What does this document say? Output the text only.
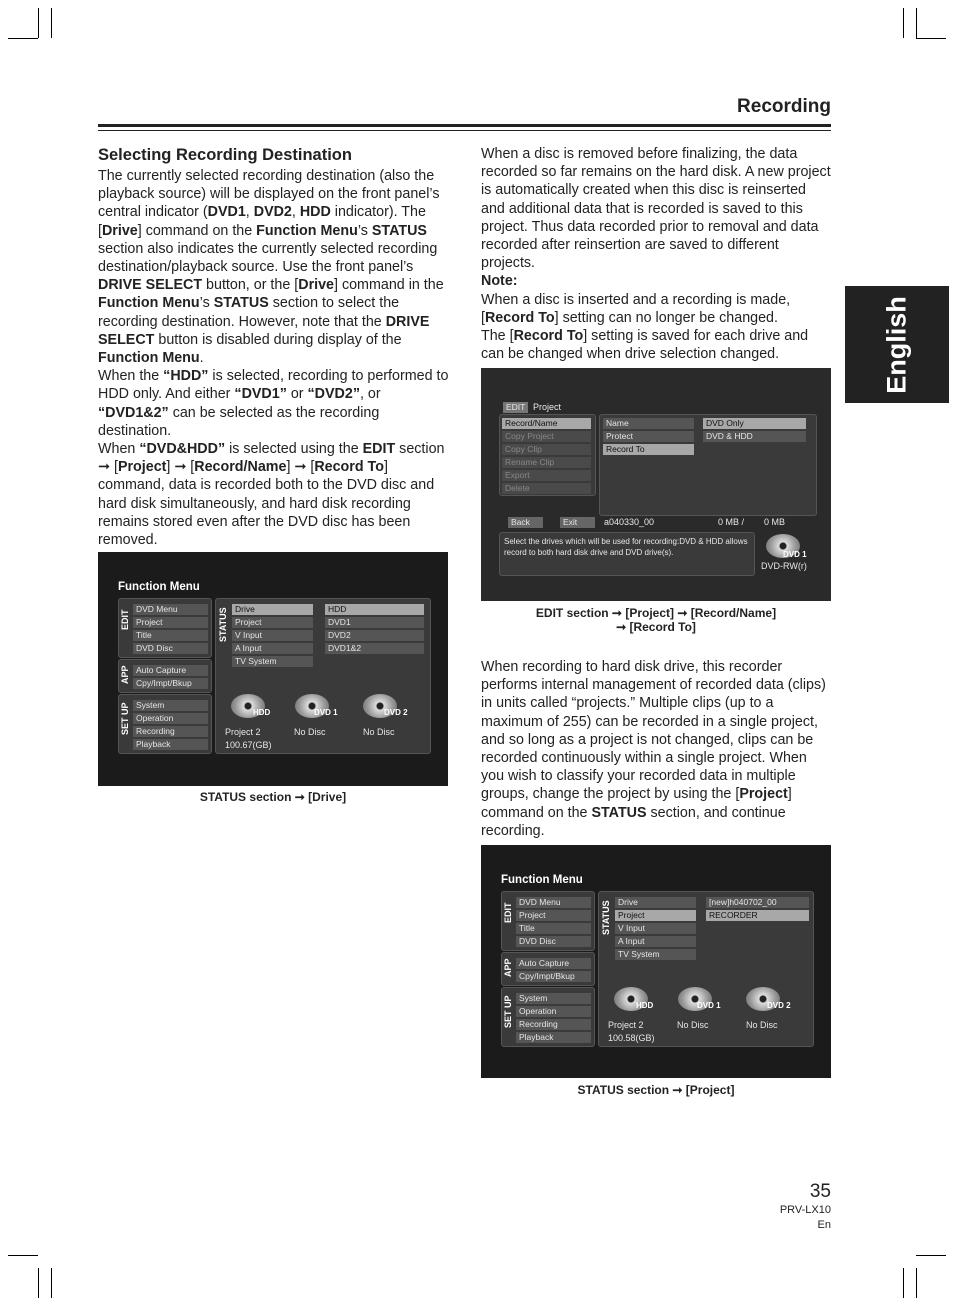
Recording
English
Selecting Recording Destination

The currently selected recording destination (also the playback source) will be displayed on the front panel’s central indicator (DVD1, DVD2, HDD indicator). The [Drive] command on the Function Menu’s STATUS section also indicates the currently selected recording destination/playback source. Use the front panel’s DRIVE SELECT button, or the [Drive] command in the Function Menu’s STATUS section to select the recording destination. However, note that the DRIVE SELECT button is disabled during display of the Function Menu.

When the “HDD” is selected, recording to performed to HDD only. And either “DVD1” or “DVD2”, or “DVD1&2” can be selected as the recording destination.

When “DVD&HDD” is selected using the EDIT section ➞ [Project] ➞ [Record/Name] ➞ [Record To] command, data is recorded both to the DVD disc and hard disk simultaneously, and hard disk recording remains stored even after the DVD disc has been removed.

Function Menu
EDIT
DVD Menu
Project
Title
DVD Disc
APP Auto Capture
Cpy/Impt/Bkup
SET UP System
Operation
Recording
Playback
STATUS Drive
Project
V Input
A Input
TV System
HDD
DVD1
DVD2
DVD1&2
HDD	DVD 1	DVD 2
Project 2
100.67(GB)
No Disc	No Disc
STATUS section ➞ [Drive]

When a disc is removed before finalizing, the data recorded so far remains on the hard disk. A new project is automatically created when this disc is reinserted and additional data that is recorded is saved to this project. Thus data recorded prior to removal and data recorded after reinsertion are saved to different projects.

Note:

When a disc is inserted and a recording is made, [Record To] setting can no longer be changed.

The [Record To] setting is saved for each drive and can be changed when drive selection changed.

EDIT Project
Record/Name
Copy Project
Copy Clip
Rename Clip
Export
Delete
Name
Protect
Record To
DVD Only
DVD & HDD
Back	Exit	a040330_00	0 MB / 0 MB
Select the drives which will be used for recording:DVD & HDD allows record to both hard disk drive and DVD drive(s).	DVD 1
DVD-RW(r)
EDIT section ➞ [Project] ➞ [Record/Name]
➞ [Record To]

When recording to hard disk drive, this recorder performs internal management of recorded data (clips) in units called “projects.” Multiple clips (up to a maximum of 255) can be recorded in a single project, and so long as a project is not changed, clips can be recorded continuously within a single project. When you wish to classify your recorded data in multiple groups, change the project by using the [Project] command on the STATUS section, and continue recording.

Function Menu
EDIT
DVD Menu
Project
Title
DVD Disc
APP Auto Capture
Cpy/Impt/Bkup
SET UP System
Operation
Recording
Playback
STATUS Drive
Project
V Input
A Input
TV System
[new]h040702_00
RECORDER
HDD	DVD 1	DVD 2
Project 2
100.58(GB)
No Disc	No Disc
STATUS section ➞ [Project]
35
PRV-LX10
En
